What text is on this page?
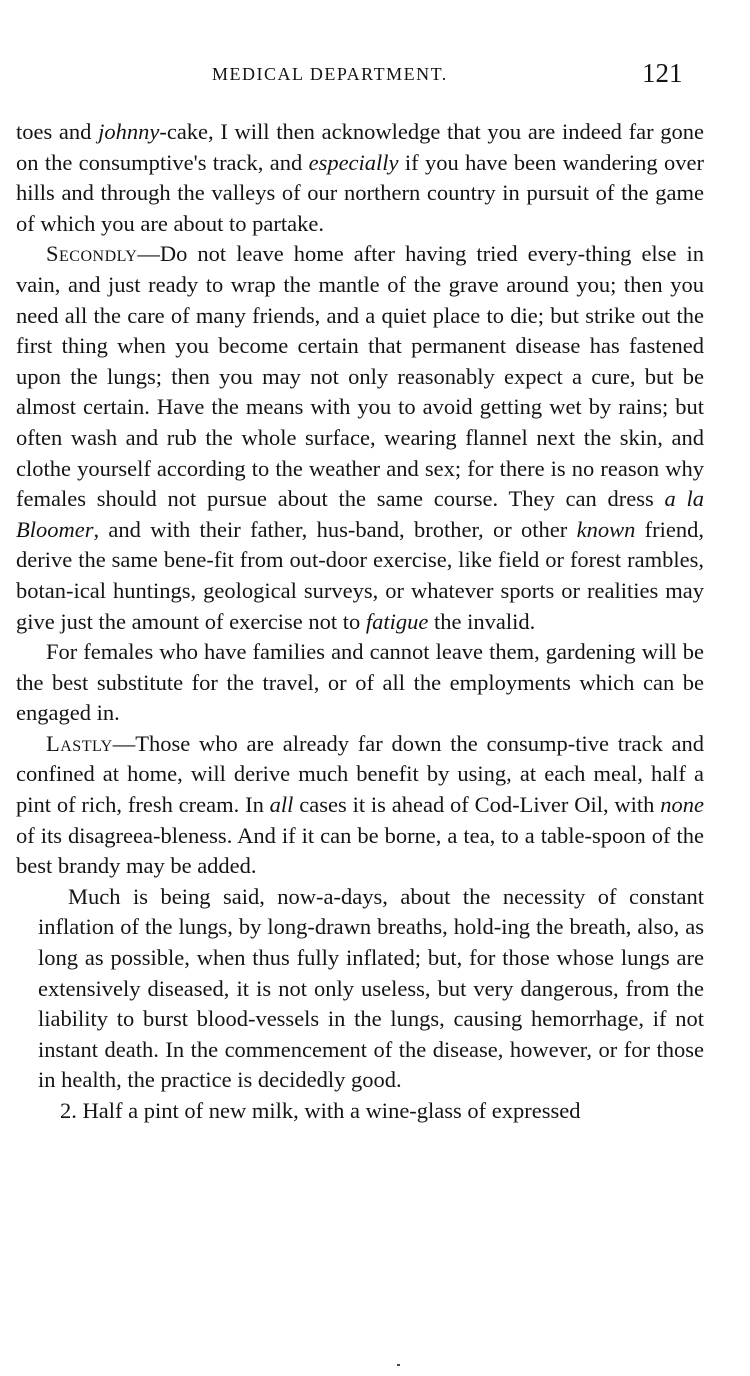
MEDICAL DEPARTMENT.	121

toes and johnny-cake, I will then acknowledge that you are indeed far gone on the consumptive's track, and especially if you have been wandering over hills and through the valleys of our northern country in pursuit of the game of which you are about to partake.

Secondly—Do not leave home after having tried every-thing else in vain, and just ready to wrap the mantle of the grave around you; then you need all the care of many friends, and a quiet place to die; but strike out the first thing when you become certain that permanent disease has fastened upon the lungs; then you may not only reasonably expect a cure, but be almost certain. Have the means with you to avoid getting wet by rains; but often wash and rub the whole surface, wearing flannel next the skin, and clothe yourself according to the weather and sex; for there is no reason why females should not pursue about the same course. They can dress a la Bloomer, and with their father, hus-band, brother, or other known friend, derive the same bene-fit from out-door exercise, like field or forest rambles, botan-ical huntings, geological surveys, or whatever sports or realities may give just the amount of exercise not to fatigue the invalid.

For females who have families and cannot leave them, gardening will be the best substitute for the travel, or of all the employments which can be engaged in.

Lastly—Those who are already far down the consump-tive track and confined at home, will derive much benefit by using, at each meal, half a pint of rich, fresh cream. In all cases it is ahead of Cod-Liver Oil, with none of its disagreea-bleness. And if it can be borne, a tea, to a table-spoon of the best brandy may be added.

Much is being said, now-a-days, about the necessity of constant inflation of the lungs, by long-drawn breaths, hold-ing the breath, also, as long as possible, when thus fully inflated; but, for those whose lungs are extensively diseased, it is not only useless, but very dangerous, from the liability to burst blood-vessels in the lungs, causing hemorrhage, if not instant death. In the commencement of the disease, however, or for those in health, the practice is decidedly good.

2. Half a pint of new milk, with a wine-glass of expressed
